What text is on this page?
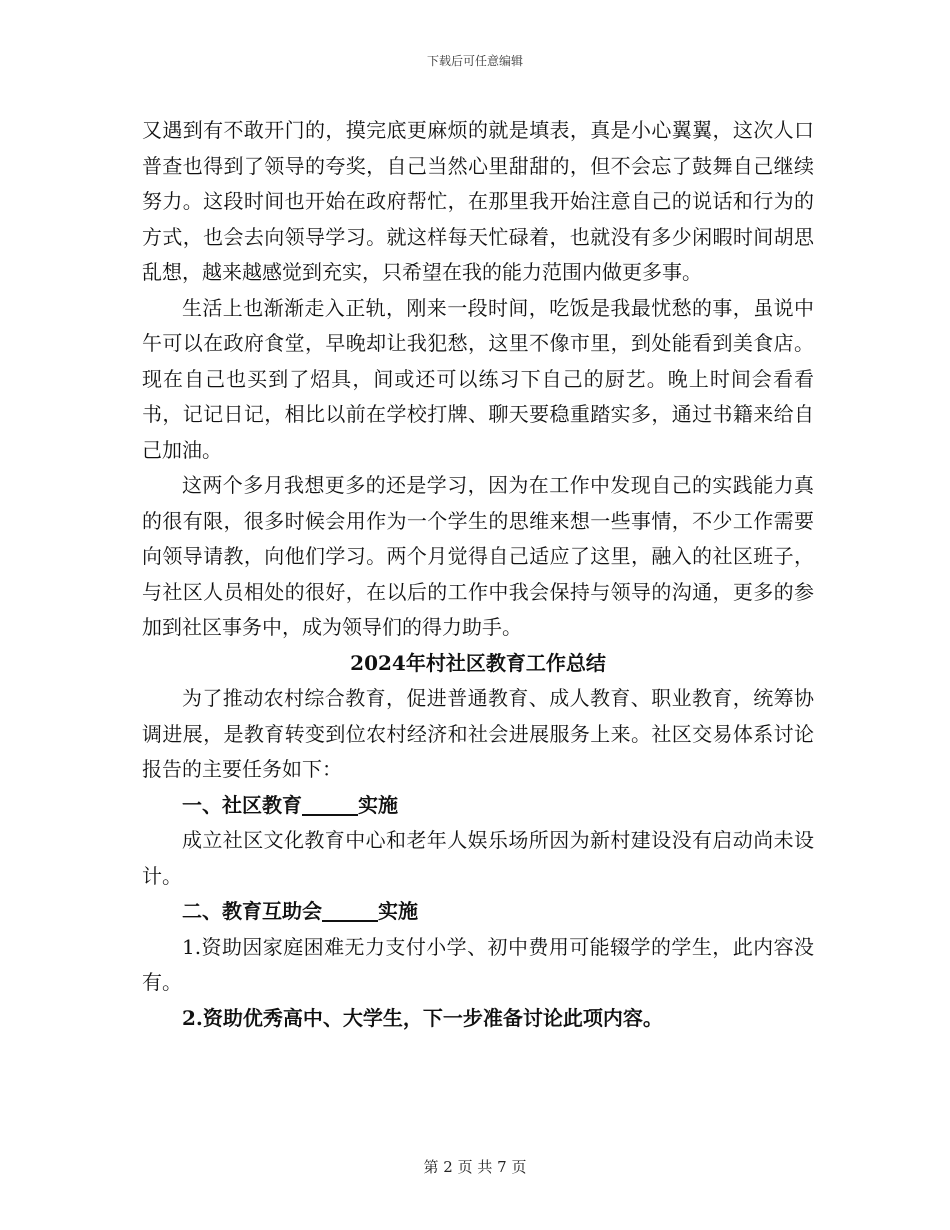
下载后可任意编辑

又遇到有不敢开门的，摸完底更麻烦的就是填表，真是小心翼翼，这次人口普查也得到了领导的夸奖，自己当然心里甜甜的，但不会忘了鼓舞自己继续努力。这段时间也开始在政府帮忙，在那里我开始注意自己的说话和行为的方式，也会去向领导学习。就这样每天忙碌着，也就没有多少闲暇时间胡思乱想，越来越感觉到充实，只希望在我的能力范围内做更多事。

生活上也渐渐走入正轨，刚来一段时间，吃饭是我最忧愁的事，虽说中午可以在政府食堂，早晚却让我犯愁，这里不像市里，到处能看到美食店。现在自己也买到了炤具，间或还可以练习下自己的厨艺。晚上时间会看看书，记记日记，相比以前在学校打牌、聊天要稳重踏实多，通过书籍来给自己加油。

这两个多月我想更多的还是学习，因为在工作中发现自己的实践能力真的很有限，很多时候会用作为一个学生的思维来想一些事情，不少工作需要向领导请教，向他们学习。两个月觉得自己适应了这里，融入的社区班子，与社区人员相处的很好，在以后的工作中我会保持与领导的沟通，更多的参加到社区事务中，成为领导们的得力助手。

2024年村社区教育工作总结

为了推动农村综合教育，促进普通教育、成人教育、职业教育，统筹协调进展，是教育转变到位农村经济和社会进展服务上来。社区交易体系讨论报告的主要任务如下：

一、社区教育	实施

成立社区文化教育中心和老年人娱乐场所因为新村建设没有启动尚未设计。

二、教育互助会	实施

1.资助因家庭困难无力支付小学、初中费用可能辍学的学生，此内容没有。

2.资助优秀高中、大学生，下一步准备讨论此项内容。

第 2 页 共 7 页
